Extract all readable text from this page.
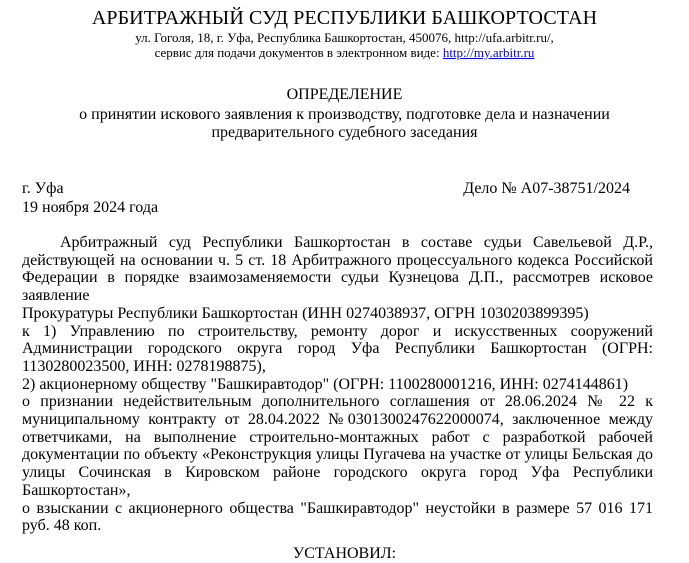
АРБИТРАЖНЫЙ СУД РЕСПУБЛИКИ БАШКОРТОСТАН
ул. Гоголя, 18, г. Уфа, Республика Башкортостан, 450076, http://ufa.arbitr.ru/,
сервис для подачи документов в электронном виде: http://my.arbitr.ru
ОПРЕДЕЛЕНИЕ
о принятии искового заявления к производству, подготовке дела и назначении
предварительного судебного заседания
г. Уфа	Дело № А07-38751/2024
19 ноября 2024 года

Арбитражный суд Республики Башкортостан в составе судьи Савельевой Д.Р., действующей на основании ч. 5 ст. 18 Арбитражного процессуального кодекса Российской Федерации в порядке взаимозаменяемости судьи Кузнецова Д.П., рассмотрев исковое заявление

Прокуратуры Республики Башкортостан (ИНН 0274038937, ОГРН 1030203899395)

к 1) Управлению по строительству, ремонту дорог и искусственных сооружений Администрации городского округа город Уфа Республики Башкортостан (ОГРН: 1130280023500, ИНН: 0278198875),

2) акционерному обществу "Башкиравтодор" (ОГРН: 1100280001216, ИНН: 0274144861)

о признании недействительным дополнительного соглашения от 28.06.2024 № 22 к муниципальному контракту от 28.04.2022 №0301300247622000074, заключенное между ответчиками, на выполнение строительно-монтажных работ с разработкой рабочей документации по объекту «Реконструкция улицы Пугачева на участке от улицы Бельская до улицы Сочинская в Кировском районе городского округа город Уфа Республики Башкортостан»,

о взыскании с акционерного общества "Башкиравтодор" неустойки в размере 57 016 171 руб. 48 коп.

УСТАНОВИЛ:
